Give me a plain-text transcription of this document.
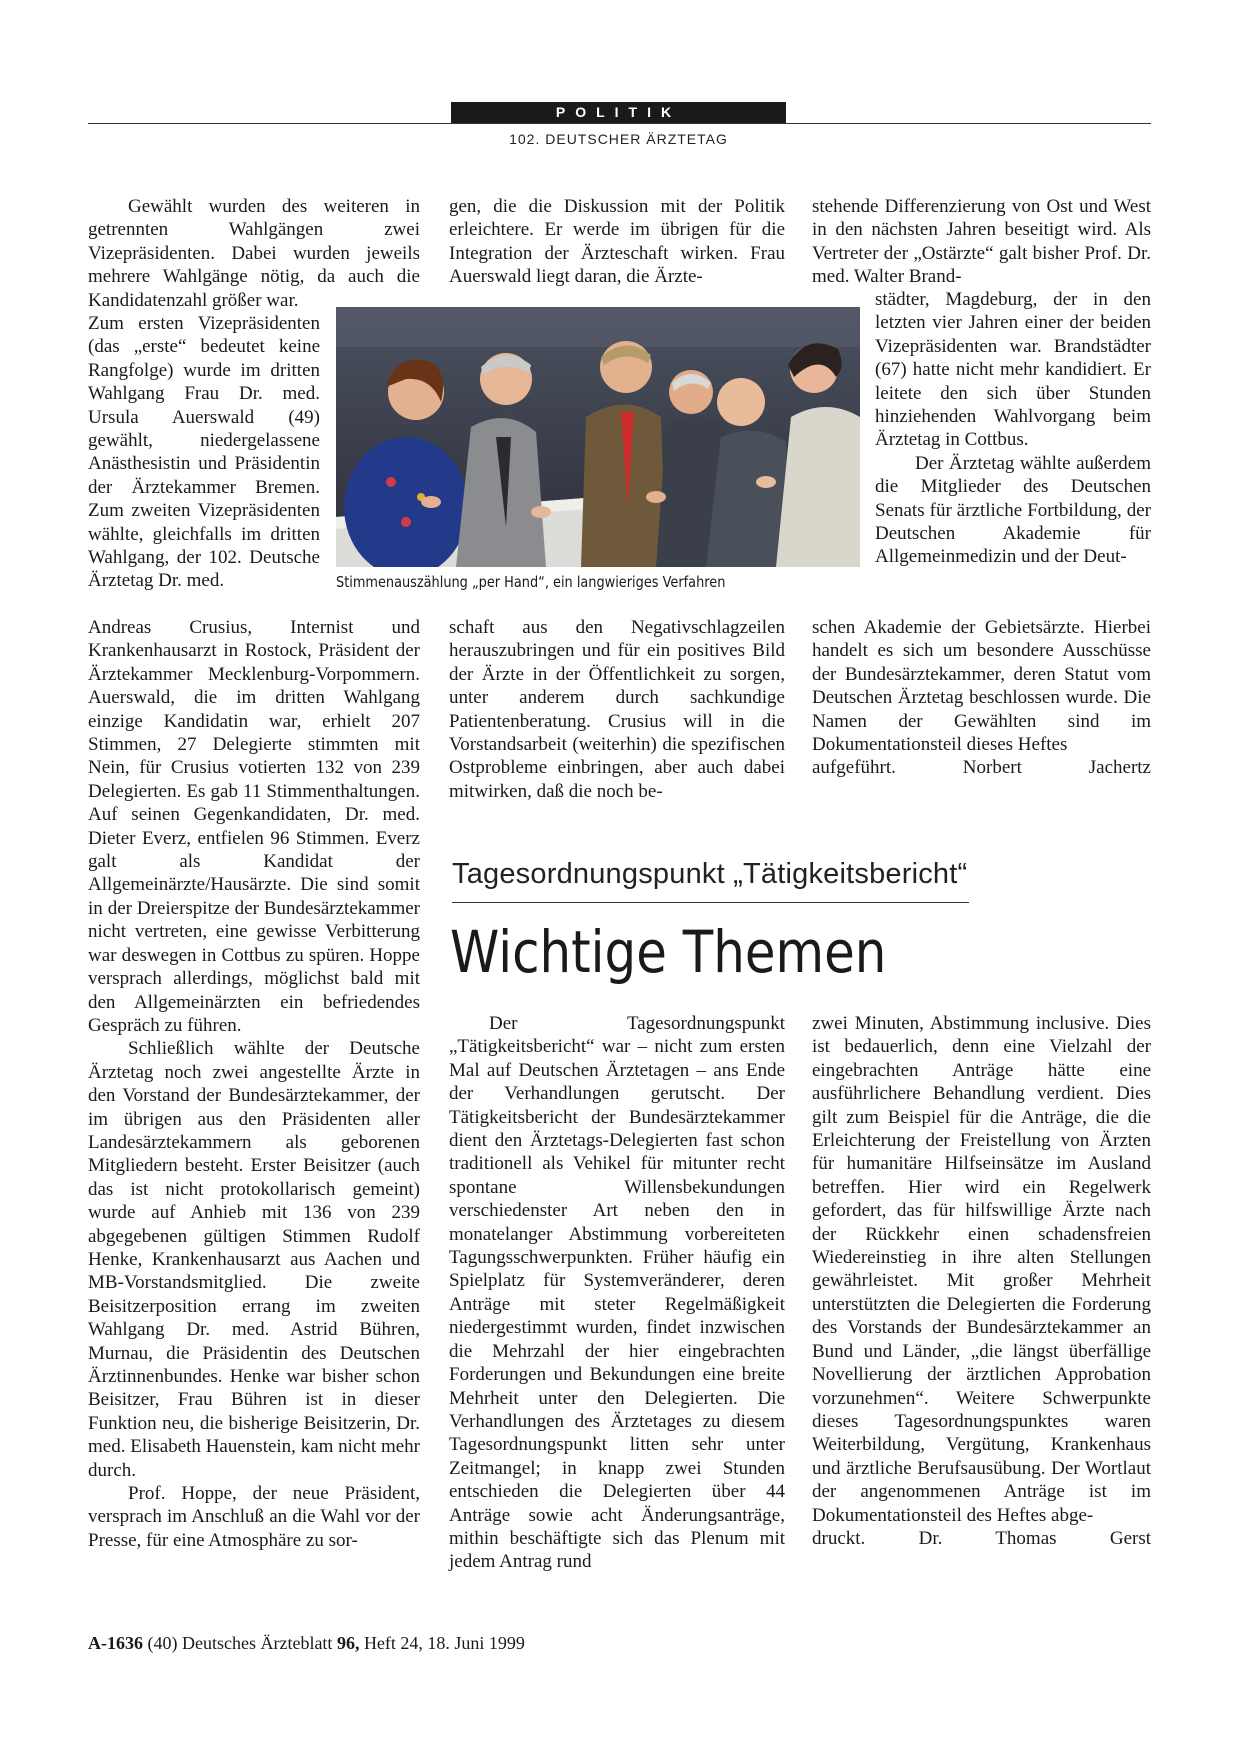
POLITIK
102. DEUTSCHER ÄRZTETAG

Gewählt wurden des weiteren in getrennten Wahlgängen zwei Vizepräsidenten. Dabei wurden jeweils mehrere Wahlgänge nötig, da auch die Kandidatenzahl größer war.

Zum ersten Vizepräsidenten (das „erste“ bedeutet keine Rangfolge) wurde im dritten Wahlgang Frau Dr. med. Ursula Auerswald (49) gewählt, niedergelassene Anästhesistin und Präsidentin der Ärztekammer Bremen. Zum zweiten Vizepräsidenten wählte, gleichfalls im dritten Wahlgang, der 102. Deutsche Ärztetag Dr. med.

Andreas Crusius, Internist und Krankenhausarzt in Rostock, Präsident der Ärztekammer Mecklenburg-Vorpommern. Auerswald, die im dritten Wahlgang einzige Kandidatin war, erhielt 207 Stimmen, 27 Delegierte stimmten mit Nein, für Crusius votierten 132 von 239 Delegierten. Es gab 11 Stimmenthaltungen. Auf seinen Gegenkandidaten, Dr. med. Dieter Everz, entfielen 96 Stimmen. Everz galt als Kandidat der Allgemeinärzte/Hausärzte. Die sind somit in der Dreierspitze der Bundesärztekammer nicht vertreten, eine gewisse Verbitterung war deswegen in Cottbus zu spüren. Hoppe versprach allerdings, möglichst bald mit den Allgemeinärzten ein befriedendes Gespräch zu führen.

Schließlich wählte der Deutsche Ärztetag noch zwei angestellte Ärzte in den Vorstand der Bundesärztekammer, der im übrigen aus den Präsidenten aller Landesärztekammern als geborenen Mitgliedern besteht. Erster Beisitzer (auch das ist nicht protokollarisch gemeint) wurde auf Anhieb mit 136 von 239 abgegebenen gültigen Stimmen Rudolf Henke, Krankenhausarzt aus Aachen und MB-Vorstandsmitglied. Die zweite Beisitzerposition errang im zweiten Wahlgang Dr. med. Astrid Bühren, Murnau, die Präsidentin des Deutschen Ärztinnenbundes. Henke war bisher schon Beisitzer, Frau Bühren ist in dieser Funktion neu, die bisherige Beisitzerin, Dr. med. Elisabeth Hauenstein, kam nicht mehr durch.

Prof. Hoppe, der neue Präsident, versprach im Anschluß an die Wahl vor der Presse, für eine Atmosphäre zu sor-

gen, die die Diskussion mit der Politik erleichtere. Er werde im übrigen für die Integration der Ärzteschaft wirken. Frau Auerswald liegt daran, die Ärzte-

schaft aus den Negativschlagzeilen herauszubringen und für ein positives Bild der Ärzte in der Öffentlichkeit zu sorgen, unter anderem durch sachkundige Patientenberatung. Crusius will in die Vorstandsarbeit (weiterhin) die spezifischen Ostprobleme einbringen, aber auch dabei mitwirken, daß die noch be-

stehende Differenzierung von Ost und West in den nächsten Jahren beseitigt wird. Als Vertreter der „Ostärzte“ galt bisher Prof. Dr. med. Walter Brand-

städter, Magdeburg, der in den letzten vier Jahren einer der beiden Vizepräsidenten war. Brandstädter (67) hatte nicht mehr kandidiert. Er leitete den sich über Stunden hinziehenden Wahlvorgang beim Ärztetag in Cottbus.

Der Ärztetag wählte außerdem die Mitglieder des Deutschen Senats für ärztliche Fortbildung, der Deutschen Akademie für Allgemeinmedizin und der Deut-

schen Akademie der Gebietsärzte. Hierbei handelt es sich um besondere Ausschüsse der Bundesärztekammer, deren Statut vom Deutschen Ärztetag beschlossen wurde. Die Namen der Gewählten sind im Dokumentationsteil dieses Heftes

aufgeführt.	Norbert Jachertz

Stimmenauszählung „per Hand“, ein langwieriges Verfahren
Tagesordnungspunkt „Tätigkeitsbericht“
Wichtige Themen

Der Tagesordnungspunkt „Tätigkeitsbericht“ war – nicht zum ersten Mal auf Deutschen Ärztetagen – ans Ende der Verhandlungen gerutscht. Der Tätigkeitsbericht der Bundesärztekammer dient den Ärztetags-Delegierten fast schon traditionell als Vehikel für mitunter recht spontane Willensbekundungen verschiedenster Art neben den in monatelanger Abstimmung vorbereiteten Tagungsschwerpunkten. Früher häufig ein Spielplatz für Systemveränderer, deren Anträge mit steter Regelmäßigkeit niedergestimmt wurden, findet inzwischen die Mehrzahl der hier eingebrachten Forderungen und Bekundungen eine breite Mehrheit unter den Delegierten. Die Verhandlungen des Ärztetages zu diesem Tagesordnungspunkt litten sehr unter Zeitmangel; in knapp zwei Stunden entschieden die Delegierten über 44 Anträge sowie acht Änderungsanträge, mithin beschäftigte sich das Plenum mit jedem Antrag rund

zwei Minuten, Abstimmung inclusive. Dies ist bedauerlich, denn eine Vielzahl der eingebrachten Anträge hätte eine ausführlichere Behandlung verdient. Dies gilt zum Beispiel für die Anträge, die die Erleichterung der Freistellung von Ärzten für humanitäre Hilfseinsätze im Ausland betreffen. Hier wird ein Regelwerk gefordert, das für hilfswillige Ärzte nach der Rückkehr einen schadensfreien Wiedereinstieg in ihre alten Stellungen gewährleistet. Mit großer Mehrheit unterstützten die Delegierten die Forderung des Vorstands der Bundesärztekammer an Bund und Länder, „die längst überfällige Novellierung der ärztlichen Approbation vorzunehmen“. Weitere Schwerpunkte dieses Tagesordnungspunktes waren Weiterbildung, Vergütung, Krankenhaus und ärztliche Berufsausübung. Der Wortlaut der angenommenen Anträge ist im Dokumentationsteil des Heftes abge-

druckt.	Dr. Thomas Gerst

A-1636 (40) Deutsches Ärzteblatt 96, Heft 24, 18. Juni 1999
